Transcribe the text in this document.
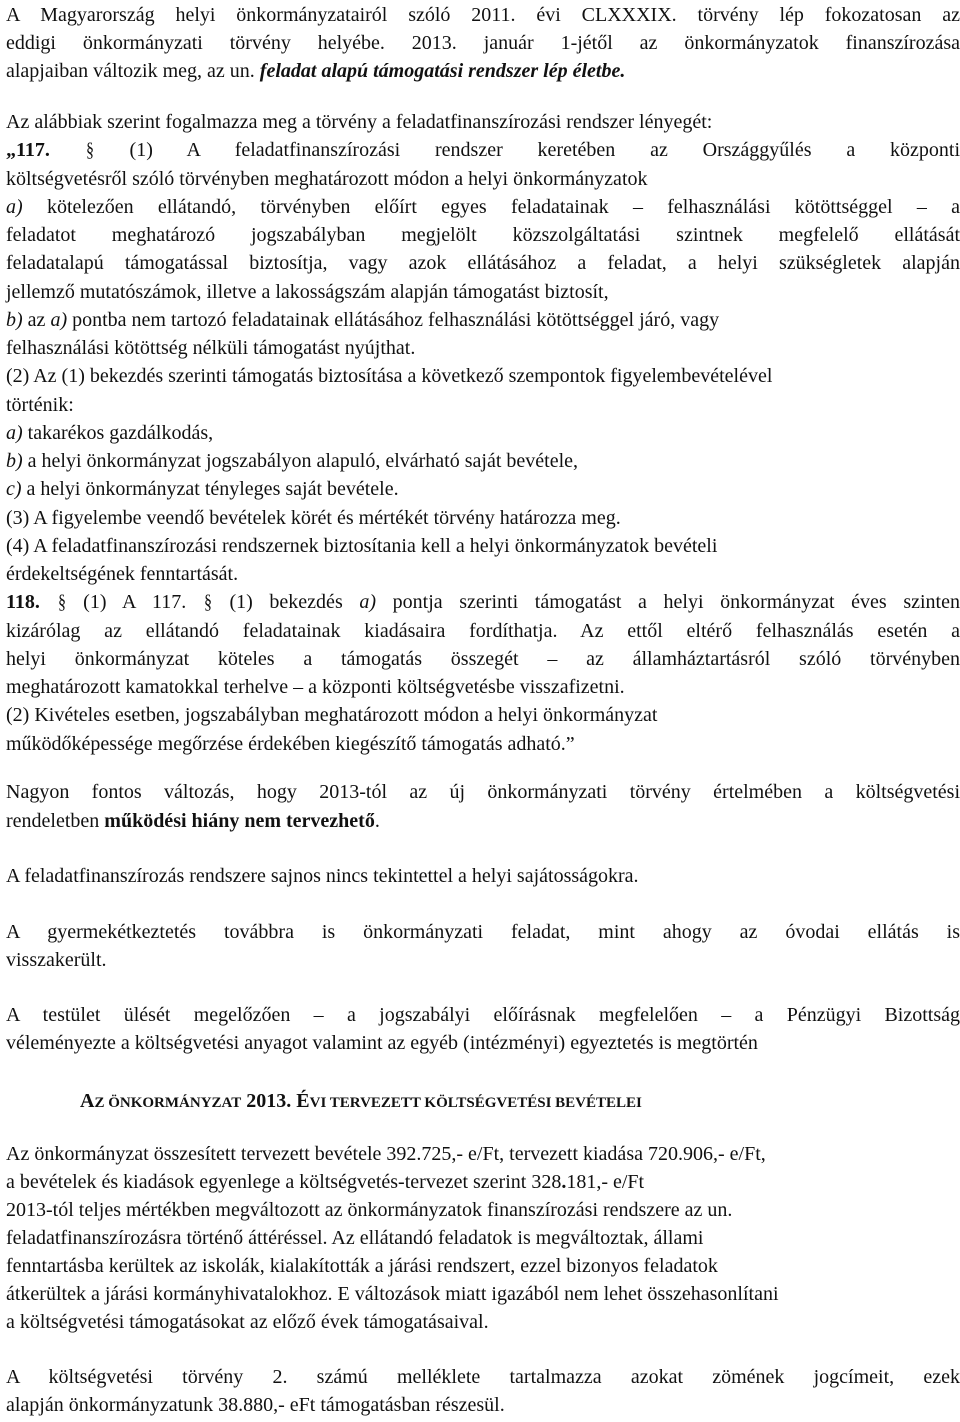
A Magyarország helyi önkormányzatairól szóló 2011. évi CLXXXIX. törvény lép fokozatosan az
eddigi önkormányzati törvény helyébe. 2013. január 1-jétől az önkormányzatok finanszírozása
alapjaiban változik meg, az un. feladat alapú támogatási rendszer lép életbe.
Az alábbiak szerint fogalmazza meg a törvény a feladatfinanszírozási rendszer lényegét:
„117. § (1) A feladatfinanszírozási rendszer keretében az Országgyűlés a központi
költségvetésről szóló törvényben meghatározott módon a helyi önkormányzatok
a) kötelezően ellátandó, törvényben előírt egyes feladatainak – felhasználási kötöttséggel – a
feladatot meghatározó jogszabályban megjelölt közszolgáltatási szintnek megfelelő ellátását
feladatalapú támogatással biztosítja, vagy azok ellátásához a feladat, a helyi szükségletek alapján
jellemző mutatószámok, illetve a lakosságszám alapján támogatást biztosít,
b) az a) pontba nem tartozó feladatainak ellátásához felhasználási kötöttséggel járó, vagy
felhasználási kötöttség nélküli támogatást nyújthat.
(2) Az (1) bekezdés szerinti támogatás biztosítása a következő szempontok figyelembevételével
történik:
a) takarékos gazdálkodás,
b) a helyi önkormányzat jogszabályon alapuló, elvárható saját bevétele,
c) a helyi önkormányzat tényleges saját bevétele.
(3) A figyelembe veendő bevételek körét és mértékét törvény határozza meg.
(4) A feladatfinanszírozási rendszernek biztosítania kell a helyi önkormányzatok bevételi
érdekeltségének fenntartását.
118. § (1) A 117. § (1) bekezdés a) pontja szerinti támogatást a helyi önkormányzat éves szinten
kizárólag az ellátandó feladatainak kiadásaira fordíthatja. Az ettől eltérő felhasználás esetén a
helyi önkormányzat köteles a támogatás összegét – az államháztartásról szóló törvényben
meghatározott kamatokkal terhelve – a központi költségvetésbe visszafizetni.
(2) Kivételes esetben, jogszabályban meghatározott módon a helyi önkormányzat
működőképessége megőrzése érdekében kiegészítő támogatás adható.”
Nagyon fontos változás, hogy 2013-tól az új önkormányzati törvény értelmében a költségvetési
rendeletben működési hiány nem tervezhető.
A feladatfinanszírozás rendszere sajnos nincs tekintettel a helyi sajátosságokra.
A gyermekétkeztetés továbbra is önkormányzati feladat, mint ahogy az óvodai ellátás is
visszakerült.
A testület ülését megelőzően – a jogszabályi előírásnak megfelelően – a Pénzügyi Bizottság
véleményezte a költségvetési anyagot valamint az egyéb (intézményi) egyeztetés is megtörtén
AZ ÖNKORMÁNYZAT 2013. ÉVI TERVEZETT KÖLTSÉGVETÉSI BEVÉTELEI
Az önkormányzat összesített tervezett bevétele 392.725,- e/Ft, tervezett kiadása 720.906,- e/Ft,
a bevételek és kiadások egyenlege a költségvetés-tervezet szerint 328.181,- e/Ft
2013-tól teljes mértékben megváltozott az önkormányzatok finanszírozási rendszere az un.
feladatfinanszírozásra történő áttéréssel. Az ellátandó feladatok is megváltoztak, állami
fenntartásba kerültek az iskolák, kialakították a járási rendszert, ezzel bizonyos feladatok
átkerültek a járási kormányhivatalokhoz. E változások miatt igazából nem lehet összehasonlítani
a költségvetési támogatásokat az előző évek támogatásaival.
A költségvetési törvény 2. számú melléklete tartalmazza azokat zömének jogcímeit, ezek
alapján önkormányzatunk 38.880,- eFt támogatásban részesül.
